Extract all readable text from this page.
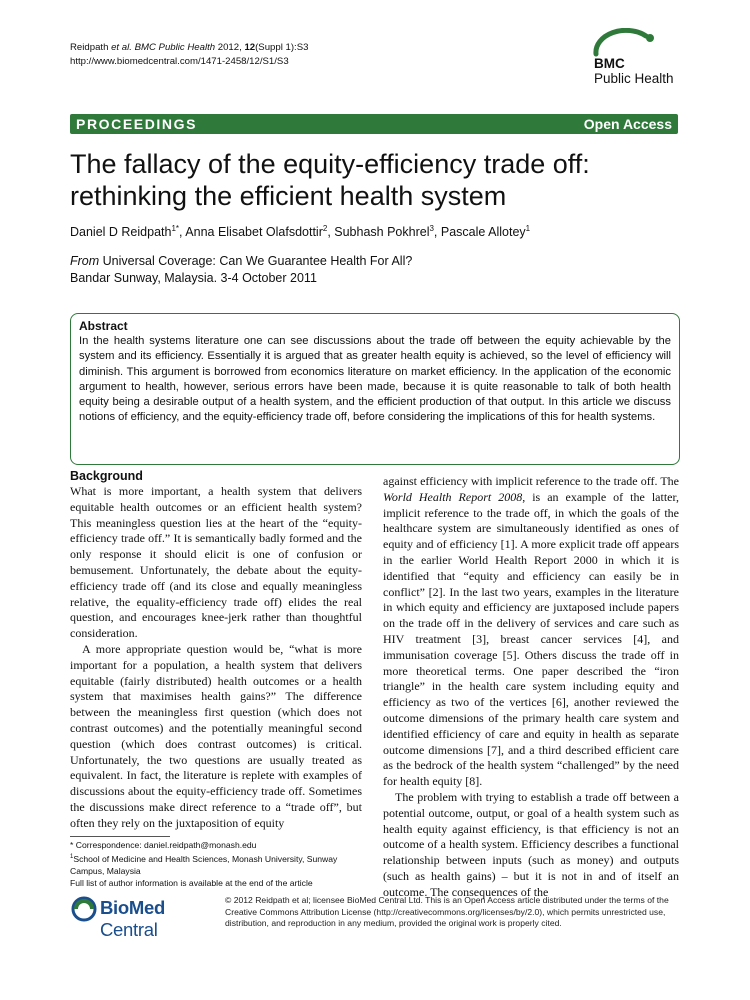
Reidpath et al. BMC Public Health 2012, 12(Suppl 1):S3
http://www.biomedcentral.com/1471-2458/12/S1/S3	BMC
Public Health
PROCEEDINGS	Open Access
The fallacy of the equity-efficiency trade off:
rethinking the efficient health system
Daniel D Reidpath$^{1*}$, Anna Elisabet Olafsdottir$^2$, Subhash Pokhrel$^3$, Pascale Allotey$^1$
From Universal Coverage: Can We Guarantee Health For All?
Bandar Sunway, Malaysia. 3-4 October 2011
Abstract
In the health systems literature one can see discussions about the trade off between the equity achievable by the system and its efficiency. Essentially it is argued that as greater health equity is achieved, so the level of efficiency will diminish. This argument is borrowed from economics literature on market efficiency. In the application of the economic argument to health, however, serious errors have been made, because it is quite reasonable to talk of both health equity being a desirable output of a health system, and the efficient production of that output. In this article we discuss notions of efficiency, and the equity-efficiency trade off, before considering the implications of this for health systems.
Background

What is more important, a health system that delivers equitable health outcomes or an efficient health system? This meaningless question lies at the heart of the “equity-efficiency trade off.” It is semantically badly formed and the only response it should elicit is one of confusion or bemusement. Unfortunately, the debate about the equity-efficiency trade off (and its close and equally meaningless relative, the equality-efficiency trade off) elides the real question, and encourages knee-jerk rather than thoughtful consideration.

A more appropriate question would be, “what is more important for a population, a health system that delivers equitable (fairly distributed) health outcomes or a health system that maximises health gains?” The difference between the meaningless first question (which does not contrast outcomes) and the potentially meaningful second question (which does contrast outcomes) is critical. Unfortunately, the two questions are usually treated as equivalent. In fact, the literature is replete with examples of discussions about the equity-efficiency trade off. Sometimes the discussions make direct reference to a “trade off”, but often they rely on the juxtaposition of equity

against efficiency with implicit reference to the trade off. The World Health Report 2008, is an example of the latter, implicit reference to the trade off, in which the goals of the healthcare system are simultaneously identified as ones of equity and of efficiency [1]. A more explicit trade off appears in the earlier World Health Report 2000 in which it is identified that “equity and efficiency can easily be in conflict” [2]. In the last two years, examples in the literature in which equity and efficiency are juxtaposed include papers on the trade off in the delivery of services and care such as HIV treatment [3], breast cancer services [4], and immunisation coverage [5]. Others discuss the trade off in more theoretical terms. One paper described the “iron triangle” in the health care system including equity and efficiency as two of the vertices [6], another reviewed the outcome dimensions of the primary health care system and identified efficiency of care and equity in health as separate outcome dimensions [7], and a third described efficient care as the bedrock of the health system “challenged” by the need for health equity [8].

The problem with trying to establish a trade off between a potential outcome, output, or goal of a health system such as health equity against efficiency, is that efficiency is not an outcome of a health system. Efficiency describes a functional relationship between inputs (such as money) and outputs (such as health gains) – but it is not in and of itself an outcome. The consequences of the

* Correspondence: daniel.reidpath@monash.edu
$^1$School of Medicine and Health Sciences, Monash University, Sunway Campus, Malaysia
Full list of author information is available at the end of the article
BioMed Central
© 2012 Reidpath et al; licensee BioMed Central Ltd. This is an Open Access article distributed under the terms of the Creative Commons Attribution License (http://creativecommons.org/licenses/by/2.0), which permits unrestricted use, distribution, and reproduction in any medium, provided the original work is properly cited.
